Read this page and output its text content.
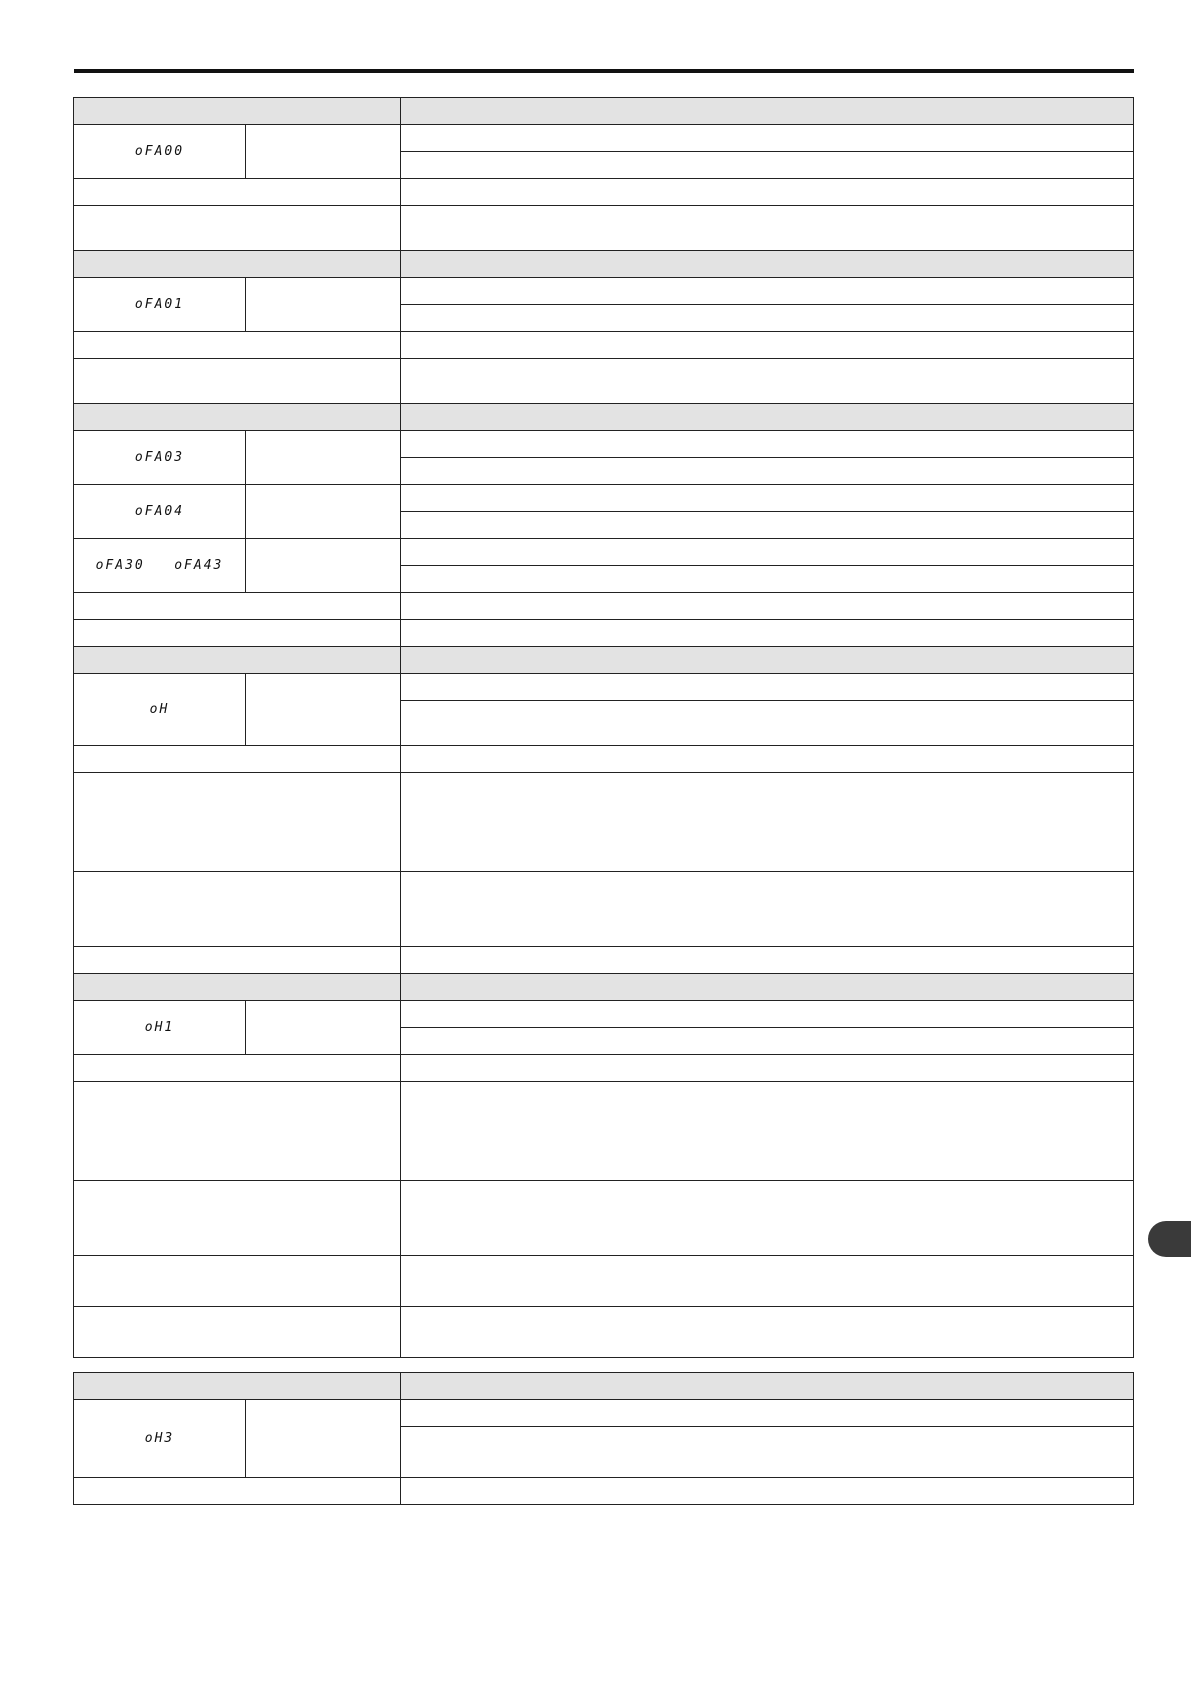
oFA00		

oFA01		

oFA03		

oFA04		

oFA30 oFA43		

oH		

oH1		

oH3		
